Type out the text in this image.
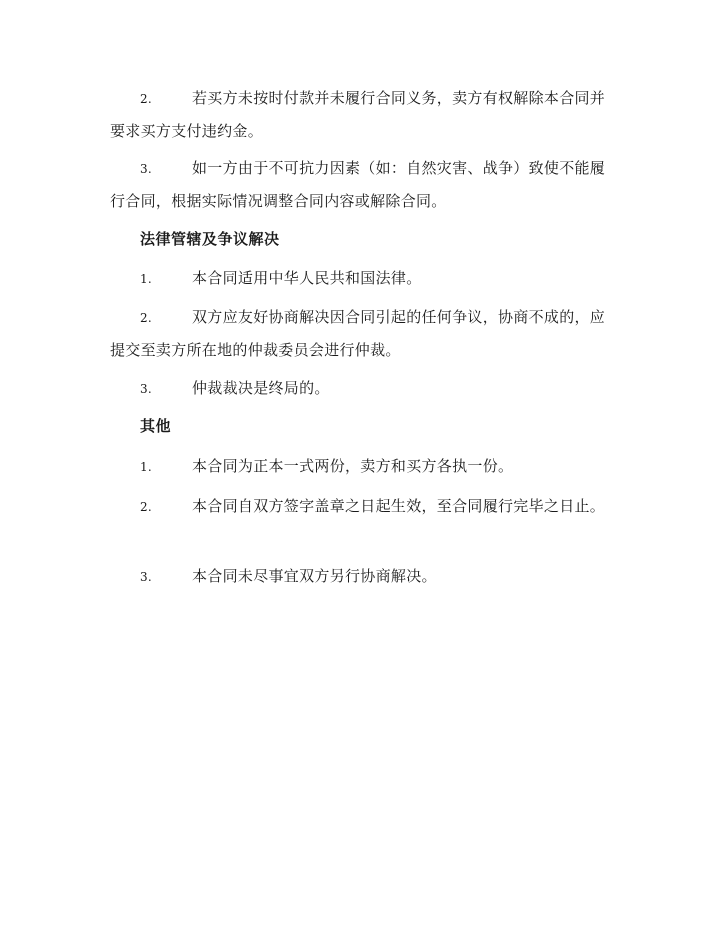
2.	若买方未按时付款并未履行合同义务，卖方有权解除本合同并要求买方支付违约金。
3.	如一方由于不可抗力因素（如：自然灾害、战争）致使不能履行合同，根据实际情况调整合同内容或解除合同。
法律管辖及争议解决
1.	本合同适用中华人民共和国法律。
2.	双方应友好协商解决因合同引起的任何争议，协商不成的，应提交至卖方所在地的仲裁委员会进行仲裁。
3.	仲裁裁决是终局的。
其他
1.	本合同为正本一式两份，卖方和买方各执一份。
2.	本合同自双方签字盖章之日起生效，至合同履行完毕之日止。
3.	本合同未尽事宜双方另行协商解决。
